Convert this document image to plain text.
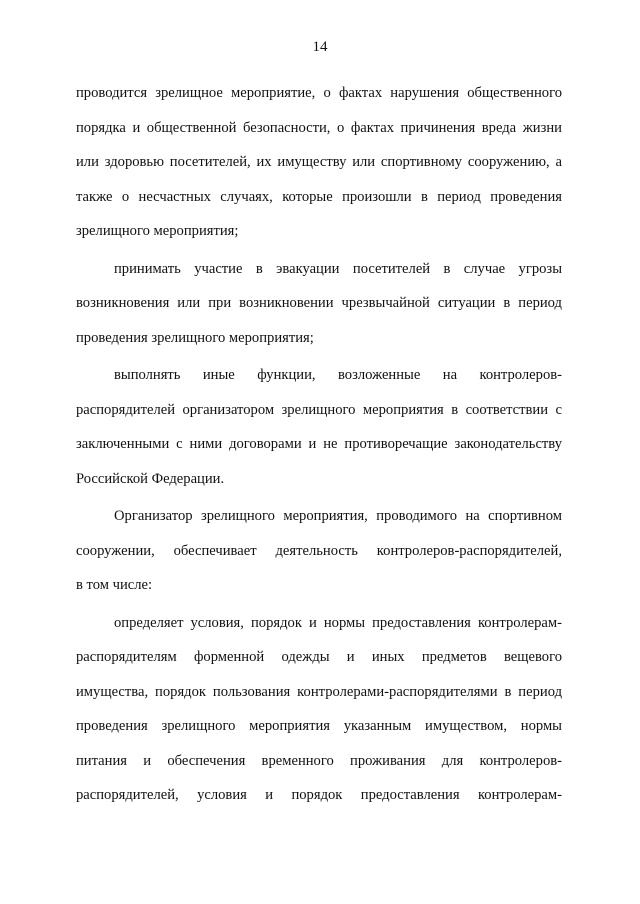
14
проводится зрелищное мероприятие, о фактах нарушения общественного
порядка и общественной безопасности, о фактах причинения вреда жизни
или здоровью посетителей, их имуществу или спортивному сооружению, а
также о несчастных случаях, которые произошли в период проведения
зрелищного мероприятия;
принимать участие в эвакуации посетителей в случае угрозы
возникновения или при возникновении чрезвычайной ситуации в период
проведения зрелищного мероприятия;
выполнять иные функции, возложенные на контролеров-
распорядителей организатором зрелищного мероприятия в соответствии с
заключенными с ними договорами и не противоречащие законодательству
Российской Федерации.
Организатор зрелищного мероприятия, проводимого на спортивном
сооружении, обеспечивает деятельность контролеров-распорядителей,
в том числе:
определяет условия, порядок и нормы предоставления контролерам-
распорядителям форменной одежды и иных предметов вещевого
имущества, порядок пользования контролерами-распорядителями в период
проведения зрелищного мероприятия указанным имуществом, нормы
питания и обеспечения временного проживания для контролеров-
распорядителей, условия и порядок предоставления контролерам-
